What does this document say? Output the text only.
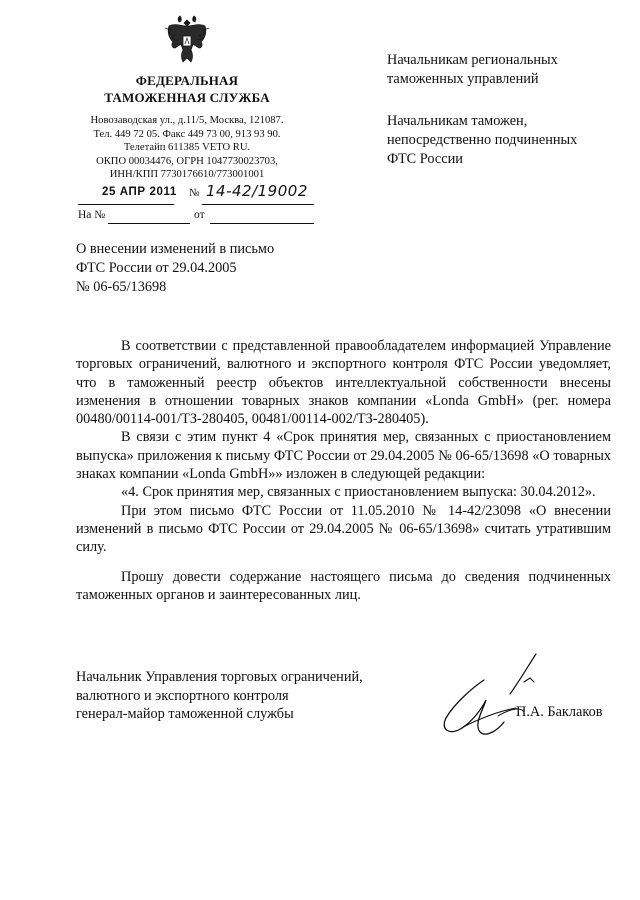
ФЕДЕРАЛЬНАЯ
ТАМОЖЕННАЯ СЛУЖБА
Новозаводская ул., д.11/5, Москва, 121087.
Тел. 449 72 05. Факс 449 73 00, 913 93 90.
Телетайп 611385 VETO RU.
ОКПО 00034476, ОГРН 1047730023703,
ИНН/КПП 7730176610/773001001
25 АПР 2011 № 14-42/19002
На №	от
Начальникам региональных
таможенных управлений
Начальникам таможен,
непосредственно подчиненных
ФТС России
О внесении изменений в письмо
ФТС России от 29.04.2005
№ 06-65/13698

В соответствии с представленной правообладателем информацией Управление торговых ограничений, валютного и экспортного контроля ФТС России уведомляет, что в таможенный реестр объектов интеллектуальной собственности внесены изменения в отношении товарных знаков компании «Londa GmbH» (рег. номера 00480/00114-001/ТЗ-280405, 00481/00114-002/ТЗ-280405).

В связи с этим пункт 4 «Срок принятия мер, связанных с приостановлением выпуска» приложения к письму ФТС России от 29.04.2005 № 06-65/13698 «О товарных знаках компании «Londa GmbH»» изложен в следующей редакции:

«4. Срок принятия мер, связанных с приостановлением выпуска: 30.04.2012».

При этом письмо ФТС России от 11.05.2010 № 14-42/23098 «О внесении изменений в письмо ФТС России от 29.04.2005 № 06-65/13698» считать утратившим силу.

Прошу довести содержание настоящего письма до сведения подчиненных таможенных органов и заинтересованных лиц.

Начальник Управления торговых ограничений,
валютного и экспортного контроля
генерал-майор таможенной службы	П.А. Баклаков
